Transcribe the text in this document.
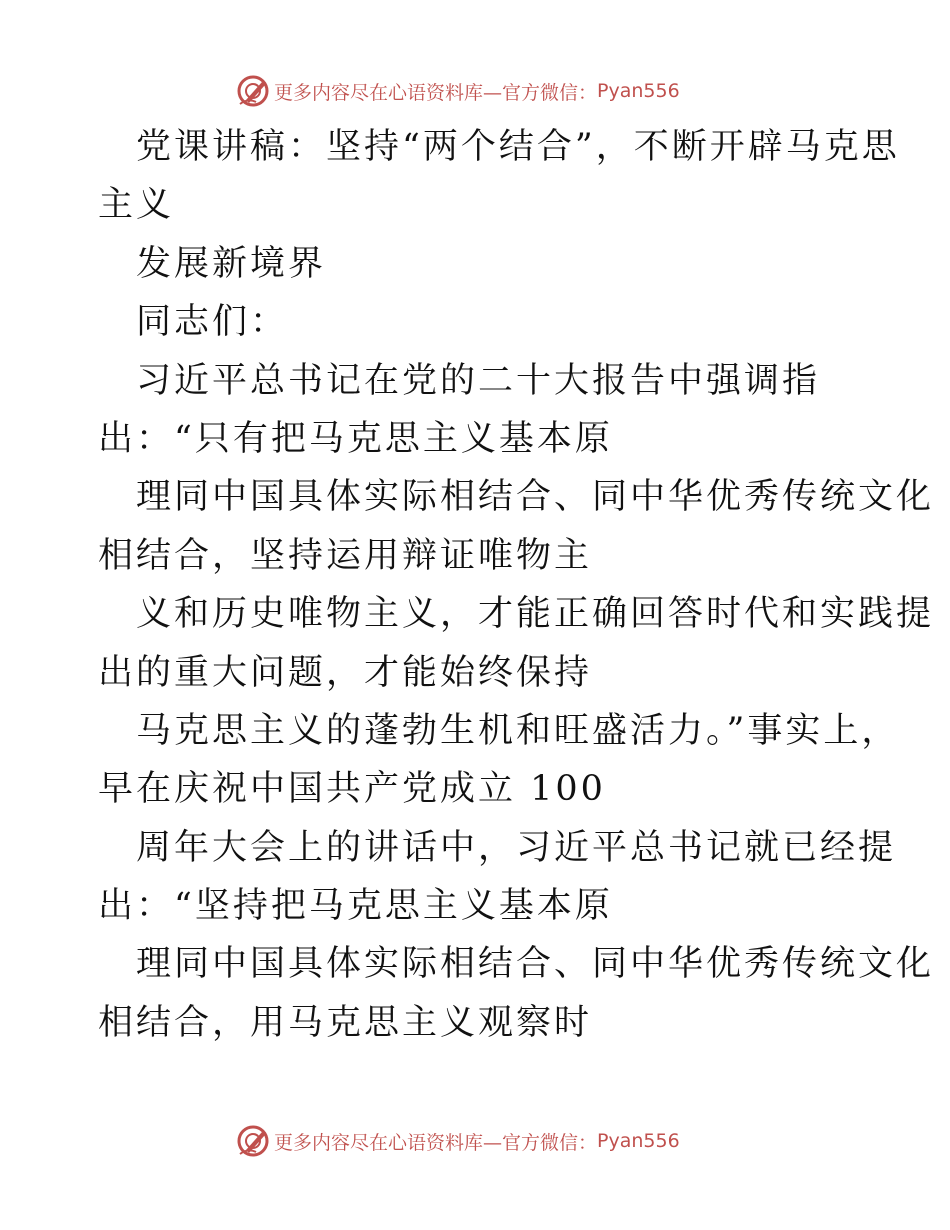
更多内容尽在心语资料库—官方微信： Pyan556
党课讲稿：坚持“两个结合”，不断开辟马克思
主义
发展新境界
同志们：
习近平总书记在党的二十大报告中强调指
出：“只有把马克思主义基本原
理同中国具体实际相结合、同中华优秀传统文化
相结合，坚持运用辩证唯物主
义和历史唯物主义，才能正确回答时代和实践提
出的重大问题，才能始终保持
马克思主义的蓬勃生机和旺盛活力。”事实上，
早在庆祝中国共产党成立 100
周年大会上的讲话中，习近平总书记就已经提
出：“坚持把马克思主义基本原
理同中国具体实际相结合、同中华优秀传统文化
相结合，用马克思主义观察时
更多内容尽在心语资料库—官方微信： Pyan556
